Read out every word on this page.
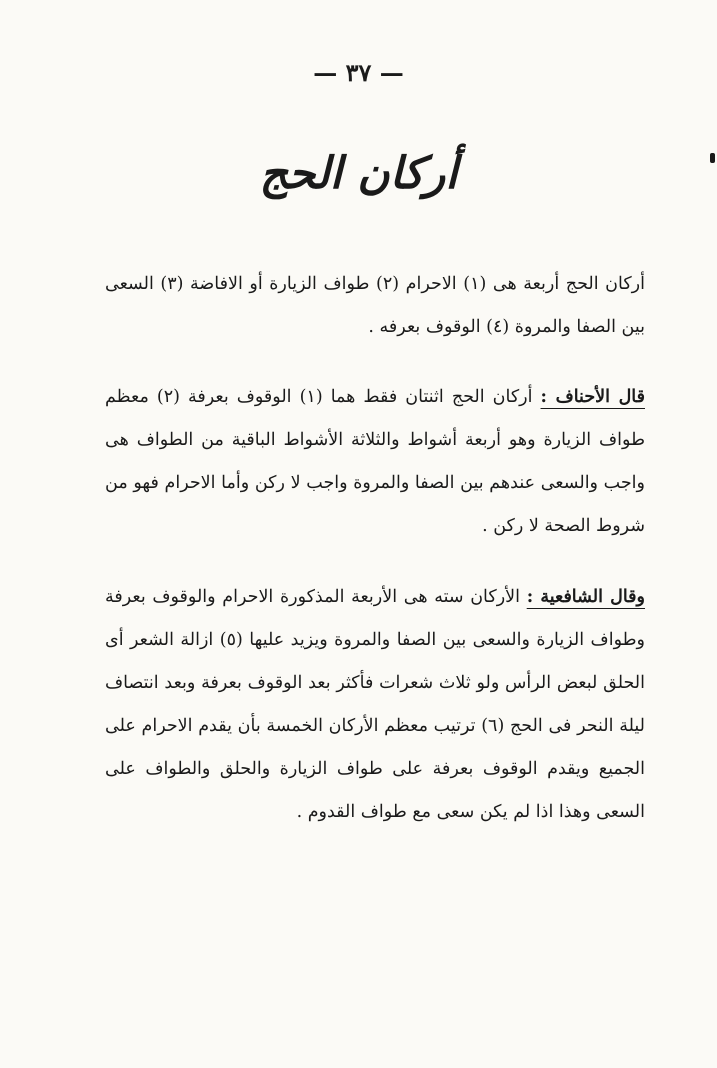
— ٣٧ —
أركان الحج

أركان الحج أربعة هى (١) الاحرام (٢) طواف الزيارة أو الافاضة (٣) السعى بين الصفا والمروة (٤) الوقوف بعرفه .

قال الأحناف : أركان الحج اثنتان فقط هما (١) الوقوف بعرفة (٢) معظم طواف الزيارة وهو أربعة أشواط والثلاثة الأشواط الباقية من الطواف هى واجب والسعى عندهم بين الصفا والمروة واجب لا ركن وأما الاحرام فهو من شروط الصحة لا ركن .

وقال الشافعية : الأركان سته هى الأربعة المذكورة الاحرام والوقوف بعرفة وطواف الزيارة والسعى بين الصفا والمروة ويزيد عليها (٥) ازالة الشعر أى الحلق لبعض الرأس ولو ثلاث شعرات فأكثر بعد الوقوف بعرفة وبعد انتصاف ليلة النحر فى الحج (٦) ترتيب معظم الأركان الخمسة بأن يقدم الاحرام على الجميع ويقدم الوقوف بعرفة على طواف الزيارة والحلق والطواف على السعى وهذا اذا لم يكن سعى مع طواف القدوم .
